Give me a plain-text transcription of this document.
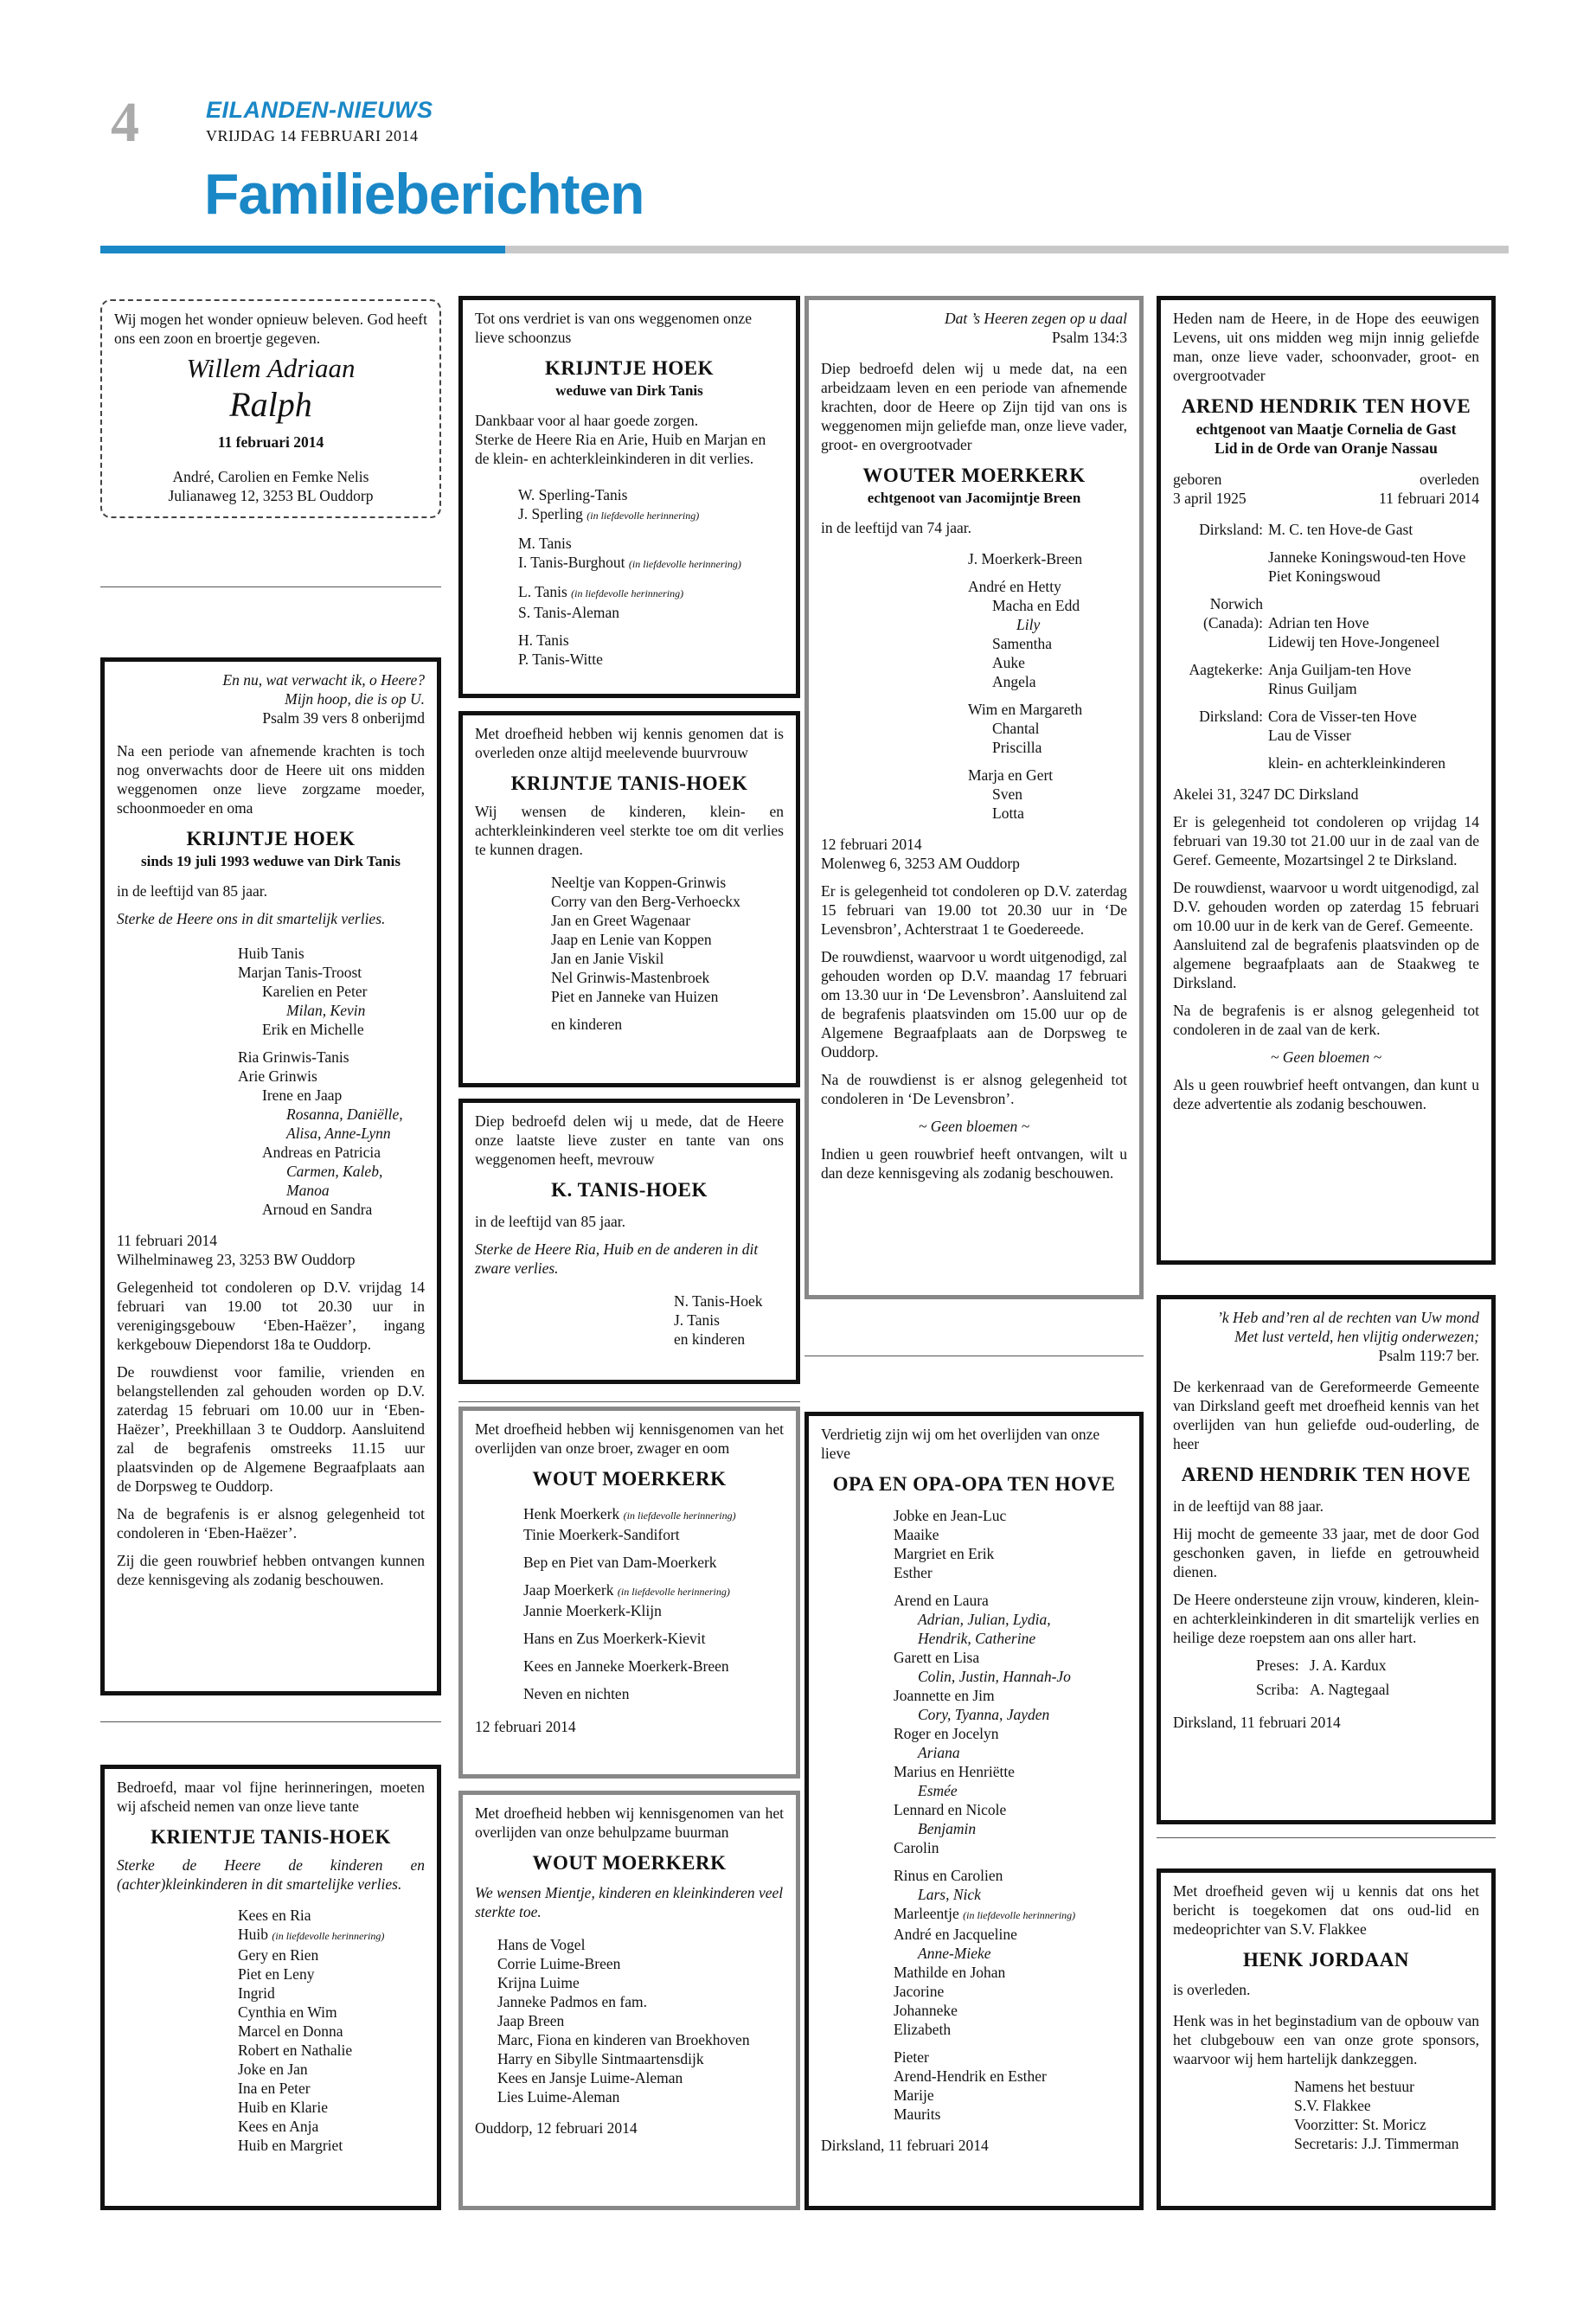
4	EILANDEN-NIEUWS
VRIJDAG 14 FEBRUARI 2014
Familieberichten

Wij mogen het wonder opnieuw beleven. God heeft ons een zoon en broertje gegeven.

Willem Adriaan
Ralph
11 februari 2014
André, Carolien en Femke Nelis
Julianaweg 12, 3253 BL Ouddorp
En nu, wat verwacht ik, o Heere?
Mijn hoop, die is op U.
Psalm 39 vers 8 onberijmd

Na een periode van afnemende krachten is toch nog onverwachts door de Heere uit ons midden weggenomen onze lieve zorgzame moeder, schoonmoeder en oma

KRIJNTJE HOEK
sinds 19 juli 1993 weduwe van Dirk Tanis

in de leeftijd van 85 jaar.

Sterke de Heere ons in dit smartelijk verlies.

Huib Tanis
Marjan Tanis-Troost
Karelien en Peter
Milan, Kevin
Erik en Michelle
Ria Grinwis-Tanis
Arie Grinwis
Irene en Jaap
Rosanna, Daniëlle,
Alisa, Anne-Lynn
Andreas en Patricia
Carmen, Kaleb,
Manoa
Arnoud en Sandra
11 februari 2014

Wilhelminaweg 23, 3253 BW Ouddorp

Gelegenheid tot condoleren op D.V. vrijdag 14 februari van 19.00 tot 20.30 uur in verenigingsgebouw ‘Eben-Haëzer’, ingang kerkgebouw Diependorst 18a te Ouddorp.

De rouwdienst voor familie, vrienden en belangstellenden zal gehouden worden op D.V. zaterdag 15 februari om 10.00 uur in ‘Eben-Haëzer’, Preekhillaan 3 te Ouddorp. Aansluitend zal de begrafenis omstreeks 11.15 uur plaatsvinden op de Algemene Begraafplaats aan de Dorpsweg te Ouddorp.

Na de begrafenis is er alsnog gelegenheid tot condoleren in ‘Eben-Haëzer’.

Zij die geen rouwbrief hebben ontvangen kunnen deze kennisgeving als zodanig beschouwen.

Bedroefd, maar vol fijne herinneringen, moeten wij afscheid nemen van onze lieve tante

KRIENTJE TANIS-HOEK

Sterke de Heere de kinderen en (achter)kleinkinderen in dit smartelijke verlies.

Kees en Ria
Huib (in liefdevolle herinnering)
Gery en Rien
Piet en Leny
Ingrid
Cynthia en Wim
Marcel en Donna
Robert en Nathalie
Joke en Jan
Ina en Peter
Huib en Klarie
Kees en Anja
Huib en Margriet

Tot ons verdriet is van ons weggenomen onze lieve schoonzus

KRIJNTJE HOEK
weduwe van Dirk Tanis
Dankbaar voor al haar goede zorgen.

Sterke de Heere Ria en Arie, Huib en Marjan en de klein- en achterkleinkinderen in dit verlies.

W. Sperling-Tanis
J. Sperling (in liefdevolle herinnering)
M. Tanis
I. Tanis-Burghout (in liefdevolle herinnering)
L. Tanis (in liefdevolle herinnering)
S. Tanis-Aleman
H. Tanis
P. Tanis-Witte

Met droefheid hebben wij kennis genomen dat is overleden onze altijd meelevende buurvrouw

KRIJNTJE TANIS-HOEK

Wij wensen de kinderen, klein- en achterkleinkinderen veel sterkte toe om dit verlies te kunnen dragen.

Neeltje van Koppen-Grinwis
Corry van den Berg-Verhoeckx
Jan en Greet Wagenaar
Jaap en Lenie van Koppen
Jan en Janie Viskil
Nel Grinwis-Mastenbroek
Piet en Janneke van Huizen
en kinderen

Diep bedroefd delen wij u mede, dat de Heere onze laatste lieve zuster en tante van ons weggenomen heeft, mevrouw

K. TANIS-HOEK

in de leeftijd van 85 jaar.

Sterke de Heere Ria, Huib en de anderen in dit zware verlies.

N. Tanis-Hoek
J. Tanis
en kinderen

Met droefheid hebben wij kennisgenomen van het overlijden van onze broer, zwager en oom

WOUT MOERKERK
Henk Moerkerk (in liefdevolle herinnering)
Tinie Moerkerk-Sandifort
Bep en Piet van Dam-Moerkerk
Jaap Moerkerk (in liefdevolle herinnering)
Jannie Moerkerk-Klijn
Hans en Zus Moerkerk-Kievit
Kees en Janneke Moerkerk-Breen
Neven en nichten
12 februari 2014

Met droefheid hebben wij kennisgenomen van het overlijden van onze behulpzame buurman

WOUT MOERKERK

We wensen Mientje, kinderen en kleinkinderen veel sterkte toe.

Hans de Vogel
Corrie Luime-Breen
Krijna Luime
Janneke Padmos en fam.
Jaap Breen
Marc, Fiona en kinderen van Broekhoven
Harry en Sibylle Sintmaartensdijk
Kees en Jansje Luime-Aleman
Lies Luime-Aleman
Ouddorp, 12 februari 2014
Dat ’s Heeren zegen op u daal
Psalm 134:3

Diep bedroefd delen wij u mede dat, na een arbeidzaam leven en een periode van afnemende krachten, door de Heere op Zijn tijd van ons is weggenomen mijn geliefde man, onze lieve vader, groot- en overgrootvader

WOUTER MOERKERK
echtgenoot van Jacomijntje Breen

in de leeftijd van 74 jaar.

J. Moerkerk-Breen
André en Hetty
Macha en Edd
Lily
Samentha
Auke
Angela
Wim en Margareth
Chantal
Priscilla
Marja en Gert
Sven
Lotta
12 februari 2014

Molenweg 6, 3253 AM Ouddorp

Er is gelegenheid tot condoleren op D.V. zaterdag 15 februari van 19.00 tot 20.30 uur in ‘De Levensbron’, Achterstraat 1 te Goedereede.

De rouwdienst, waarvoor u wordt uitgenodigd, zal gehouden worden op D.V. maandag 17 februari om 13.30 uur in ‘De Levensbron’. Aansluitend zal de begrafenis plaatsvinden om 15.00 uur op de Algemene Begraafplaats aan de Dorpsweg te Ouddorp.

Na de rouwdienst is er alsnog gelegenheid tot condoleren in ‘De Levensbron’.

~ Geen bloemen ~

Indien u geen rouwbrief heeft ontvangen, wilt u dan deze kennisgeving als zodanig beschouwen.

Verdrietig zijn wij om het overlijden van onze lieve

OPA EN OPA-OPA TEN HOVE
Jobke en Jean-Luc
Maaike
Margriet en Erik
Esther
Arend en Laura
Adrian, Julian, Lydia,
Hendrik, Catherine
Garett en Lisa
Colin, Justin, Hannah-Jo
Joannette en Jim
Cory, Tyanna, Jayden
Roger en Jocelyn
Ariana
Marius en Henriëtte
Esmée
Lennard en Nicole
Benjamin
Carolin
Rinus en Carolien
Lars, Nick
Marleentje (in liefdevolle herinnering)
André en Jacqueline
Anne-Mieke
Mathilde en Johan
Jacorine
Johanneke
Elizabeth
Pieter
Arend-Hendrik en Esther
Marije
Maurits
Dirksland, 11 februari 2014

Heden nam de Heere, in de Hope des eeuwigen Levens, uit ons midden weg mijn innig geliefde man, onze lieve vader, schoonvader, groot- en overgrootvader

AREND HENDRIK TEN HOVE
echtgenoot van Maatje Cornelia de Gast
Lid in de Orde van Oranje Nassau
geboren	overleden
3 april 1925	11 februari 2014
Dirksland: M. C. ten Hove-de Gast
Janneke Koningswoud-ten Hove
Piet Koningswoud
Norwich
(Canada): Adrian ten Hove
Lidewij ten Hove-Jongeneel
Aagtekerke: Anja Guiljam-ten Hove
Rinus Guiljam
Dirksland: Cora de Visser-ten Hove
Lau de Visser
klein- en achterkleinkinderen

Akelei 31, 3247 DC Dirksland

Er is gelegenheid tot condoleren op vrijdag 14 februari van 19.30 tot 21.00 uur in de zaal van de Geref. Gemeente, Mozartsingel 2 te Dirksland.

De rouwdienst, waarvoor u wordt uitgenodigd, zal D.V. gehouden worden op zaterdag 15 februari om 10.00 uur in de kerk van de Geref. Gemeente.

Aansluitend zal de begrafenis plaatsvinden op de algemene begraafplaats aan de Staakweg te Dirksland.

Na de begrafenis is er alsnog gelegenheid tot condoleren in de zaal van de kerk.

~ Geen bloemen ~

Als u geen rouwbrief heeft ontvangen, dan kunt u deze advertentie als zodanig beschouwen.

’k Heb and’ren al de rechten van Uw mond
Met lust verteld, hen vlijtig onderwezen;
Psalm 119:7 ber.

De kerkenraad van de Gereformeerde Gemeente van Dirksland geeft met droefheid kennis van het overlijden van hun geliefde oud-ouderling, de heer

AREND HENDRIK TEN HOVE

in de leeftijd van 88 jaar.

Hij mocht de gemeente 33 jaar, met de door God geschonken gaven, in liefde en getrouwheid dienen.

De Heere ondersteune zijn vrouw, kinderen, klein- en achterkleinkinderen in dit smartelijk verlies en heilige deze roepstem aan ons aller hart.

Preses: J. A. Kardux
Scriba: A. Nagtegaal
Dirksland, 11 februari 2014

Met droefheid geven wij u kennis dat ons het bericht is toegekomen dat ons oud-lid en medeoprichter van S.V. Flakkee

HENK JORDAAN

is overleden.

Henk was in het beginstadium van de opbouw van het clubgebouw een van onze grote sponsors, waarvoor wij hem hartelijk dankzeggen.

Namens het bestuur
S.V. Flakkee
Voorzitter: St. Moricz
Secretaris: J.J. Timmerman
